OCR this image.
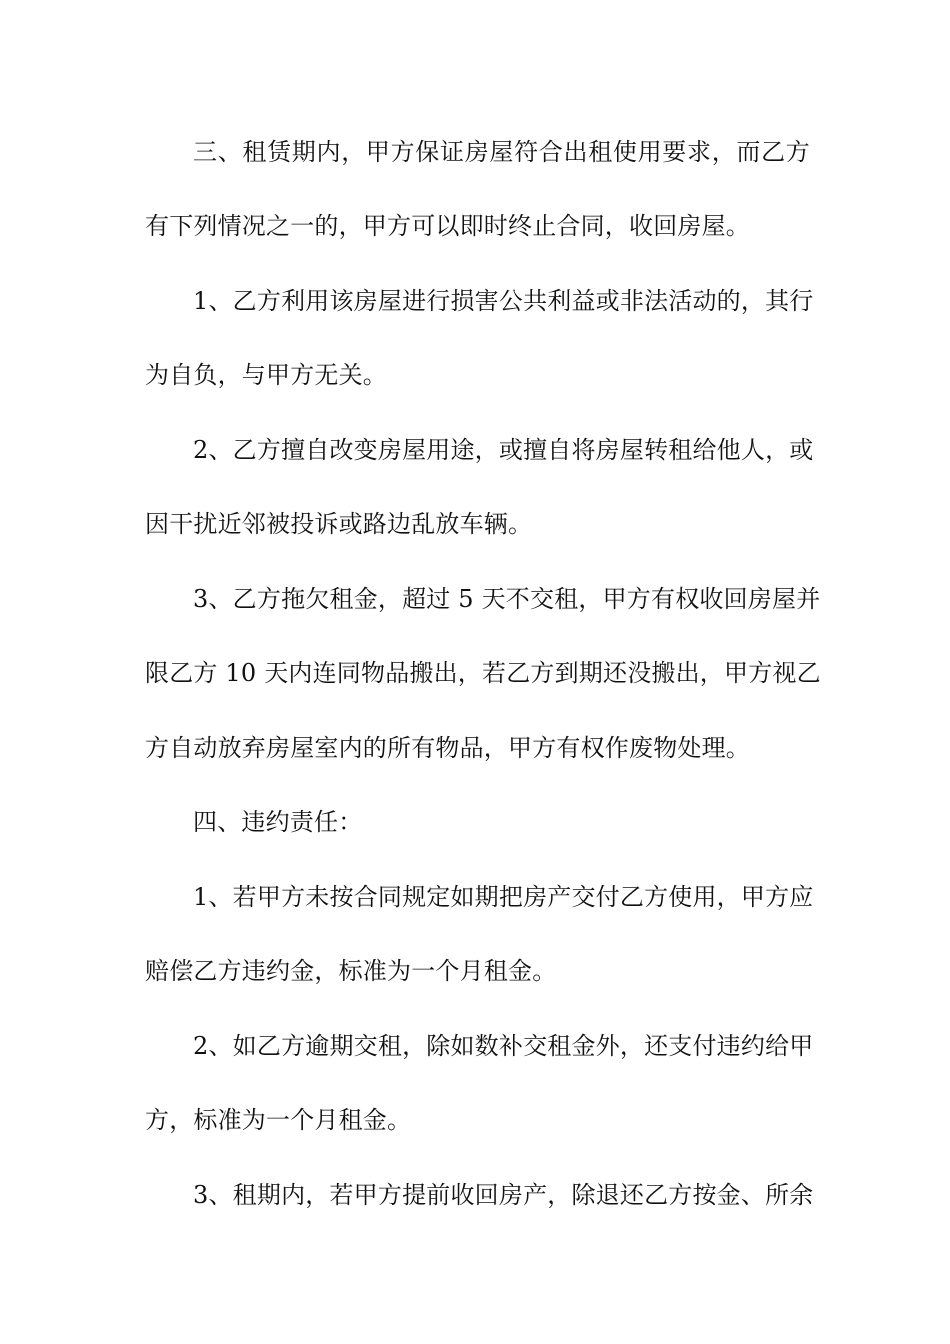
三、租赁期内，甲方保证房屋符合出租使用要求，而乙方
有下列情况之一的，甲方可以即时终止合同，收回房屋。
1、乙方利用该房屋进行损害公共利益或非法活动的，其行
为自负，与甲方无关。
2、乙方擅自改变房屋用途，或擅自将房屋转租给他人，或
因干扰近邻被投诉或路边乱放车辆。
3、乙方拖欠租金，超过 5 天不交租，甲方有权收回房屋并
限乙方 10 天内连同物品搬出，若乙方到期还没搬出，甲方视乙
方自动放弃房屋室内的所有物品，甲方有权作废物处理。
四、违约责任：
1、若甲方未按合同规定如期把房产交付乙方使用，甲方应
赔偿乙方违约金，标准为一个月租金。
2、如乙方逾期交租，除如数补交租金外，还支付违约给甲
方，标准为一个月租金。
3、租期内，若甲方提前收回房产，除退还乙方按金、所余
